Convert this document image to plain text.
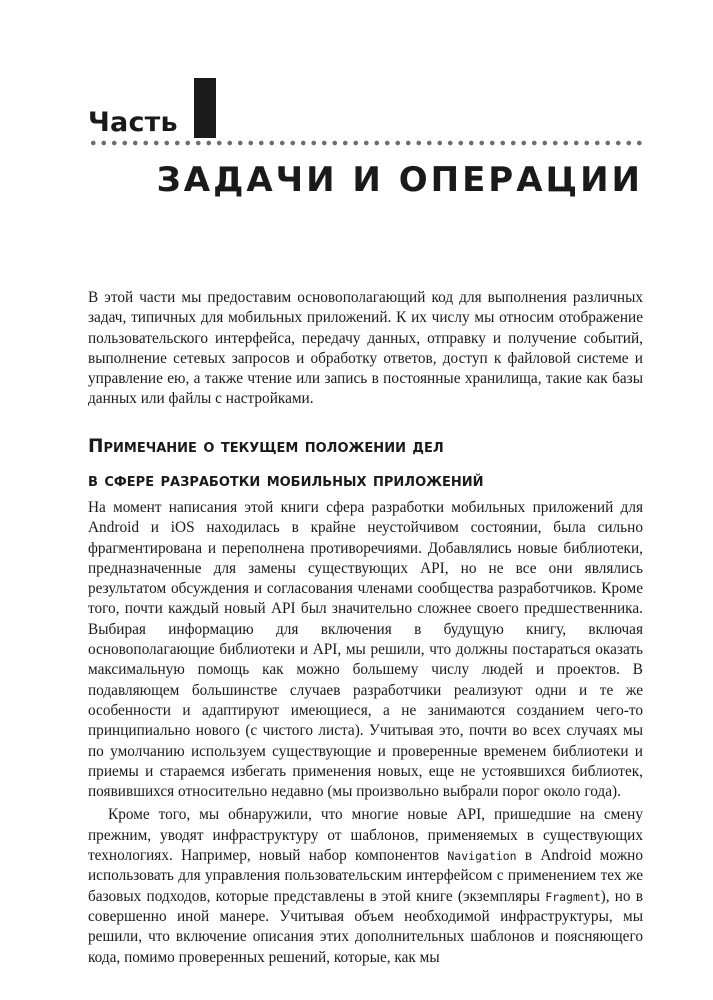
Часть
ЗАДАЧИ И ОПЕРАЦИИ

В этой части мы предоставим основополагающий код для выполнения различных задач, типичных для мобильных приложений. К их числу мы относим отображение пользовательского интерфейса, передачу данных, отправку и получение событий, выполнение сетевых запросов и обработку ответов, доступ к файловой системе и управление ею, а также чтение или запись в постоянные хранилища, такие как базы данных или файлы с настройками.

Примечание о текущем положении дел
в сфере разработки мобильных приложений

На момент написания этой книги сфера разработки мобильных приложений для Android и iOS находилась в крайне неустойчивом состоянии, была сильно фрагментирована и переполнена противоречиями. Добавлялись новые библиотеки, предназначенные для замены существующих API, но не все они являлись результатом обсуждения и согласования членами сообщества разработчиков. Кроме того, почти каждый новый API был значительно сложнее своего предшественника. Выбирая информацию для включения в будущую книгу, включая основополагающие библиотеки и API, мы решили, что должны постараться оказать максимальную помощь как можно большему числу людей и проектов. В подавляющем большинстве случаев разработчики реализуют одни и те же особенности и адаптируют имеющиеся, а не занимаются созданием чего-то принципиально нового (с чистого листа). Учитывая это, почти во всех случаях мы по умолчанию используем существующие и проверенные временем библиотеки и приемы и стараемся избегать применения новых, еще не устоявшихся библиотек, появившихся относительно недавно (мы произвольно выбрали порог около года).

Кроме того, мы обнаружили, что многие новые API, пришедшие на смену прежним, уводят инфраструктуру от шаблонов, применяемых в существующих технологиях. Например, новый набор компонентов Navigation в Android можно использовать для управления пользовательским интерфейсом с применением тех же базовых подходов, которые представлены в этой книге (экземпляры Fragment), но в совершенно иной манере. Учитывая объем необходимой инфраструктуры, мы решили, что включение описания этих дополнительных шаблонов и поясняющего кода, помимо проверенных решений, которые, как мы
